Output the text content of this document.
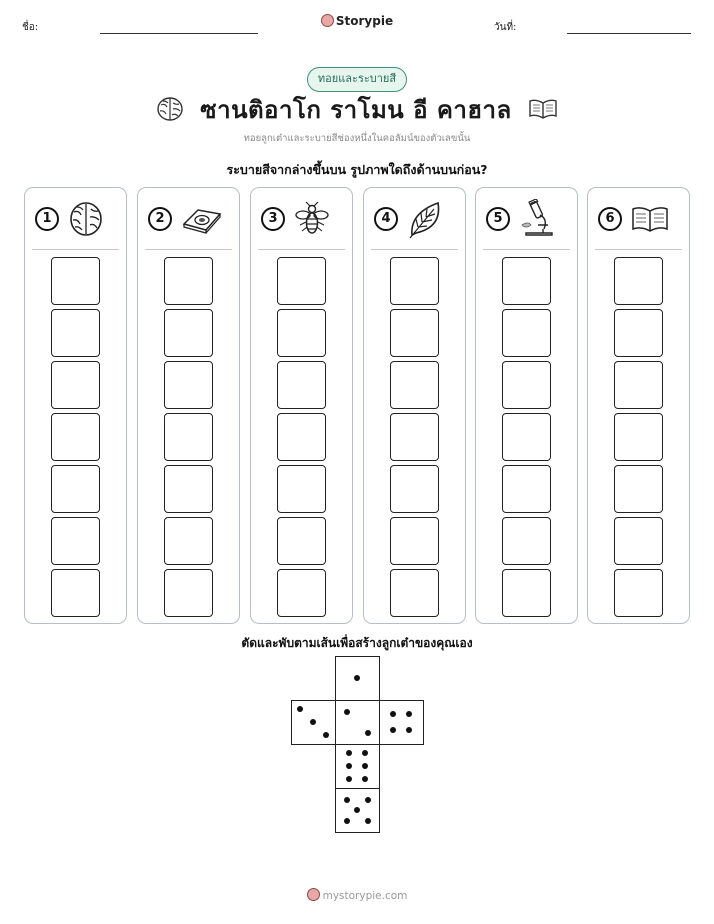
ชื่อ:	Storypie	วันที่:
ทอยและระบายสี
ซานติอาโก ราโมน อี คาฮาล
ทอยลูกเต๋าและระบายสีช่องหนึ่งในคอลัมน์ของตัวเลขนั้น
ระบายสีจากล่างขึ้นบน รูปภาพใดถึงด้านบนก่อน?
1	2	3	4	5	6
ตัดและพับตามเส้นเพื่อสร้างลูกเต๋าของคุณเอง
mystorypie.com
